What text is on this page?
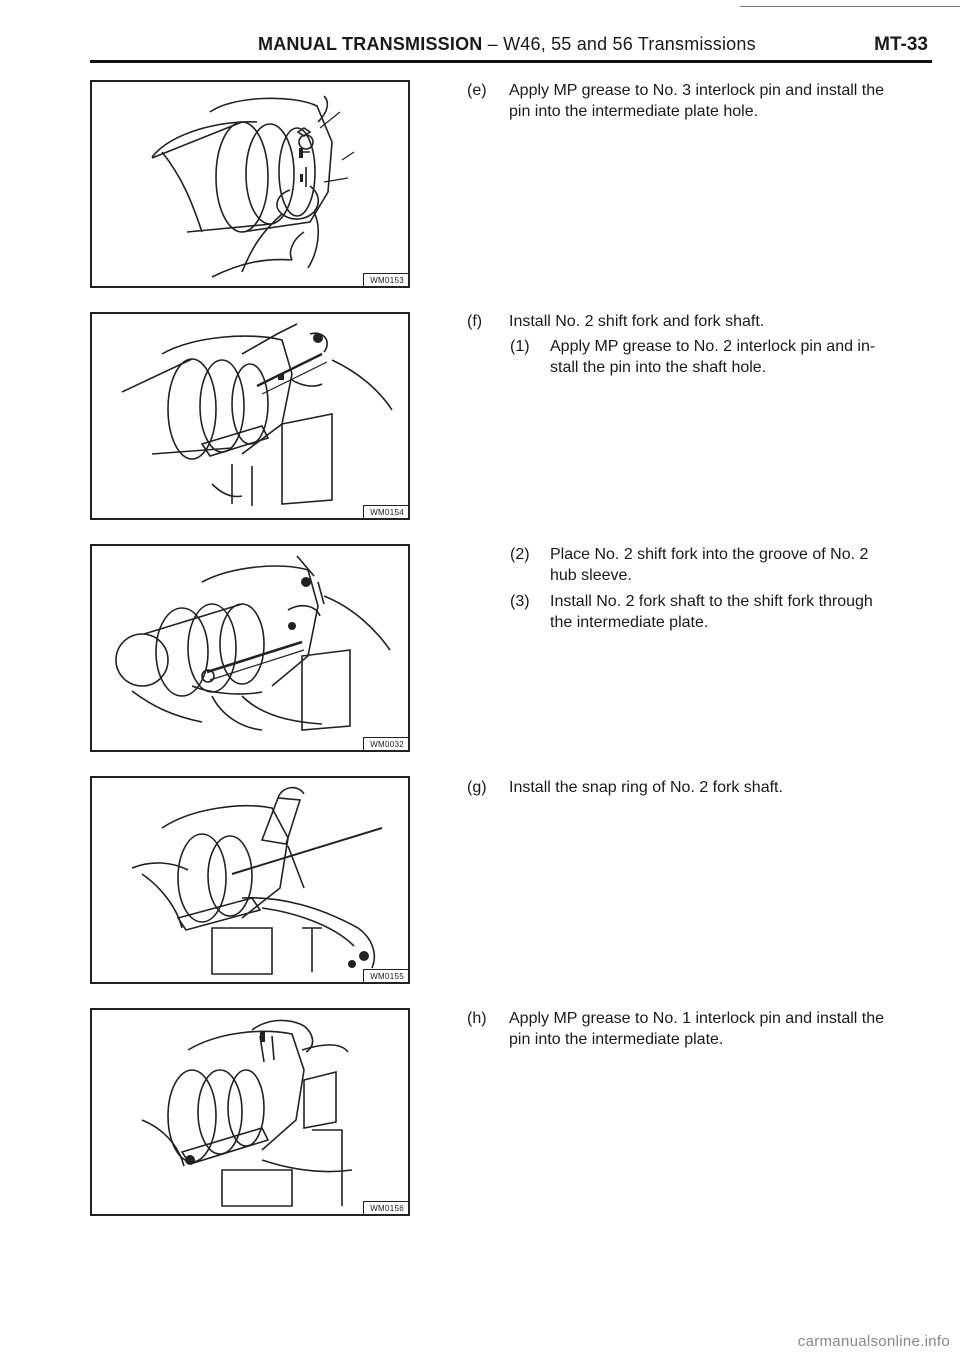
MANUAL TRANSMISSION – W46, 55 and 56 Transmissions	MT-33
WM0153
WM0154
WM0032
WM0155
WM0156
(e) Apply MP grease to No. 3 interlock pin and install the
pin into the intermediate plate hole.
(f) Install No. 2 shift fork and fork shaft.
(1) Apply MP grease to No. 2 interlock pin and in-
stall the pin into the shaft hole.
(2) Place No. 2 shift fork into the groove of No. 2
hub sleeve.
(3) Install No. 2 fork shaft to the shift fork through
the intermediate plate.
(g) Install the snap ring of No. 2 fork shaft.
(h) Apply MP grease to No. 1 interlock pin and install the
pin into the intermediate plate.
carmanualsonline.info
